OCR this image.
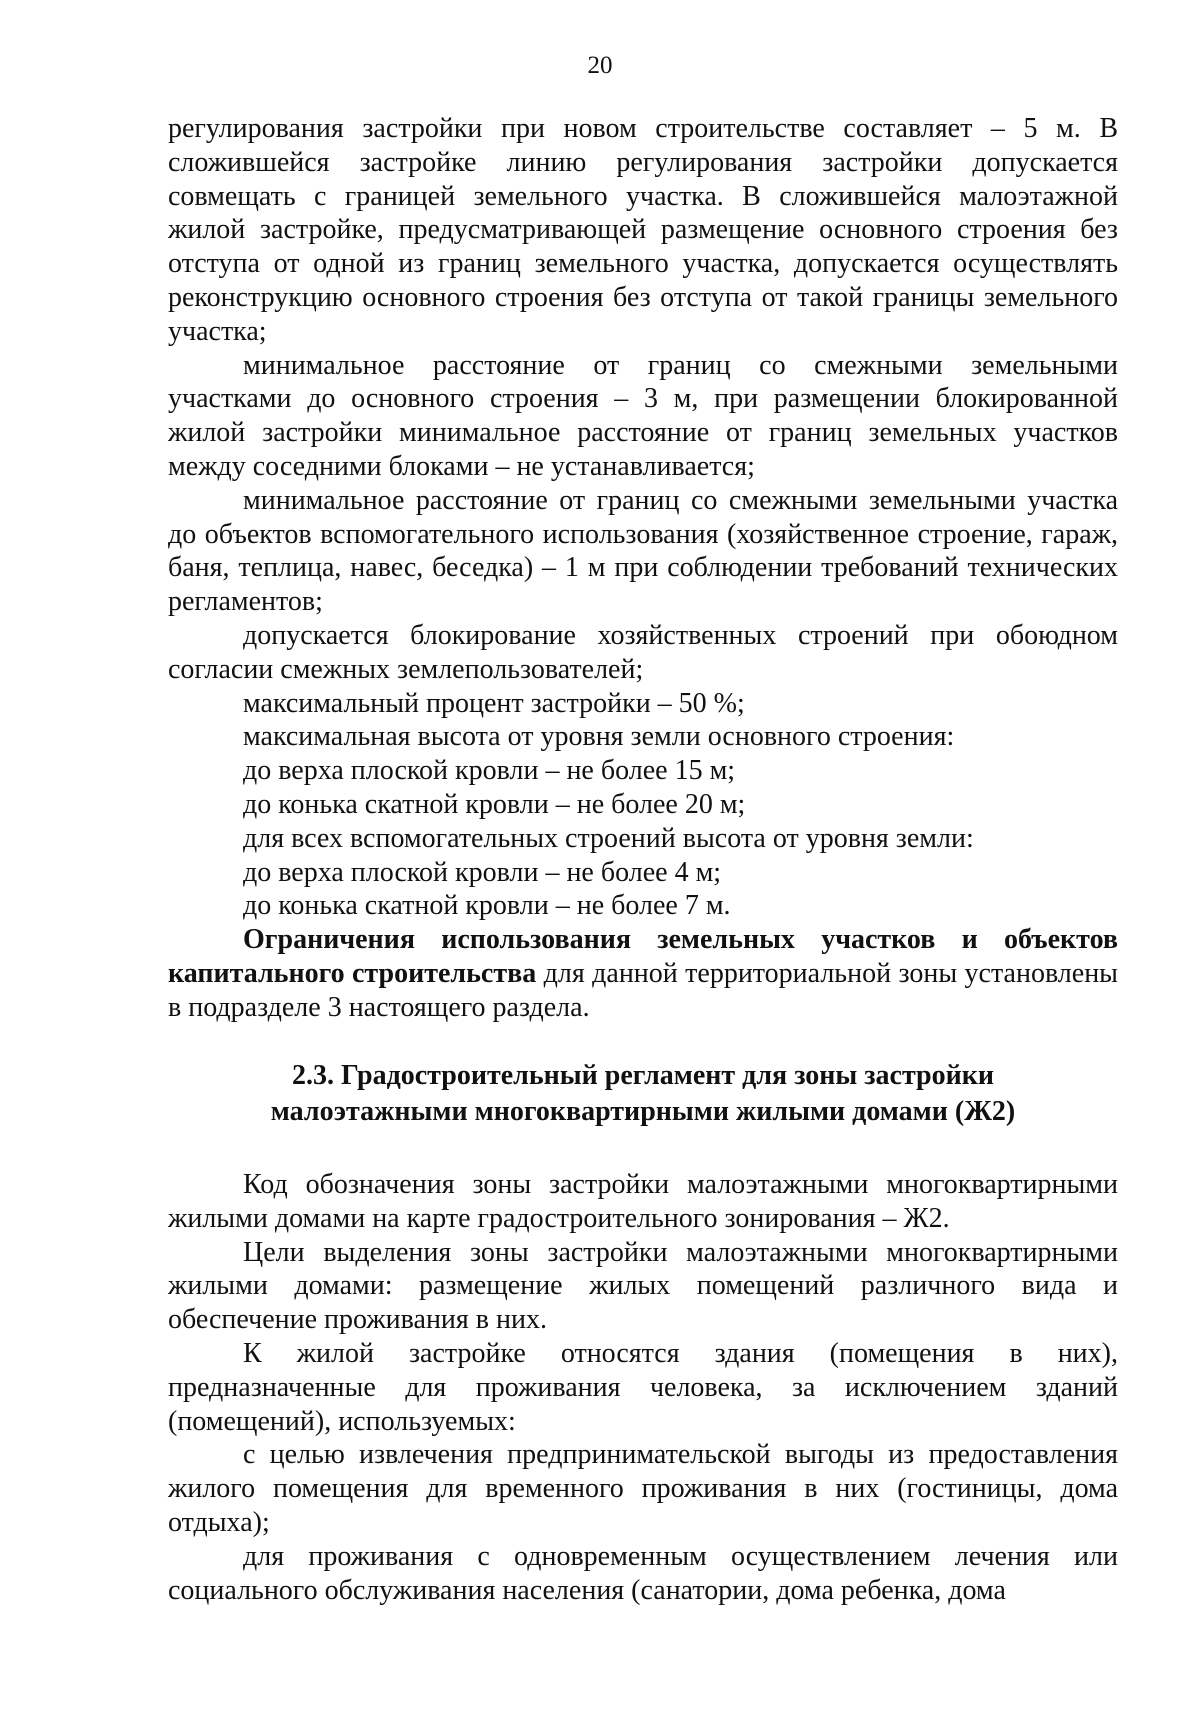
20

регулирования застройки при новом строительстве составляет – 5 м. В сложившейся застройке линию регулирования застройки допускается совмещать с границей земельного участка. В сложившейся малоэтажной жилой застройке, предусматривающей размещение основного строения без отступа от одной из границ земельного участка, допускается осуществлять реконструкцию основного строения без отступа от такой границы земельного участка;

минимальное расстояние от границ со смежными земельными участками до основного строения – 3 м, при размещении блокированной жилой застройки минимальное расстояние от границ земельных участков между соседними блоками – не устанавливается;

минимальное расстояние от границ со смежными земельными участка до объектов вспомогательного использования (хозяйственное строение, гараж, баня, теплица, навес, беседка) – 1 м при соблюдении требований технических регламентов;

допускается блокирование хозяйственных строений при обоюдном согласии смежных землепользователей;

максимальный процент застройки – 50 %;

максимальная высота от уровня земли основного строения:

до верха плоской кровли – не более 15 м;

до конька скатной кровли – не более 20 м;

для всех вспомогательных строений высота от уровня земли:

до верха плоской кровли – не более 4 м;

до конька скатной кровли – не более 7 м.

Ограничения использования земельных участков и объектов капитального строительства для данной территориальной зоны установлены в подразделе 3 настоящего раздела.

2.3. Градостроительный регламент для зоны застройки
малоэтажными многоквартирными жилыми домами (Ж2)

Код обозначения зоны застройки малоэтажными многоквартирными жилыми домами на карте градостроительного зонирования – Ж2.

Цели выделения зоны застройки малоэтажными многоквартирными жилыми домами: размещение жилых помещений различного вида и обеспечение проживания в них.

К жилой застройке относятся здания (помещения в них), предназначенные для проживания человека, за исключением зданий (помещений), используемых:

с целью извлечения предпринимательской выгоды из предоставления жилого помещения для временного проживания в них (гостиницы, дома отдыха);

для проживания с одновременным осуществлением лечения или социального обслуживания населения (санатории, дома ребенка, дома
